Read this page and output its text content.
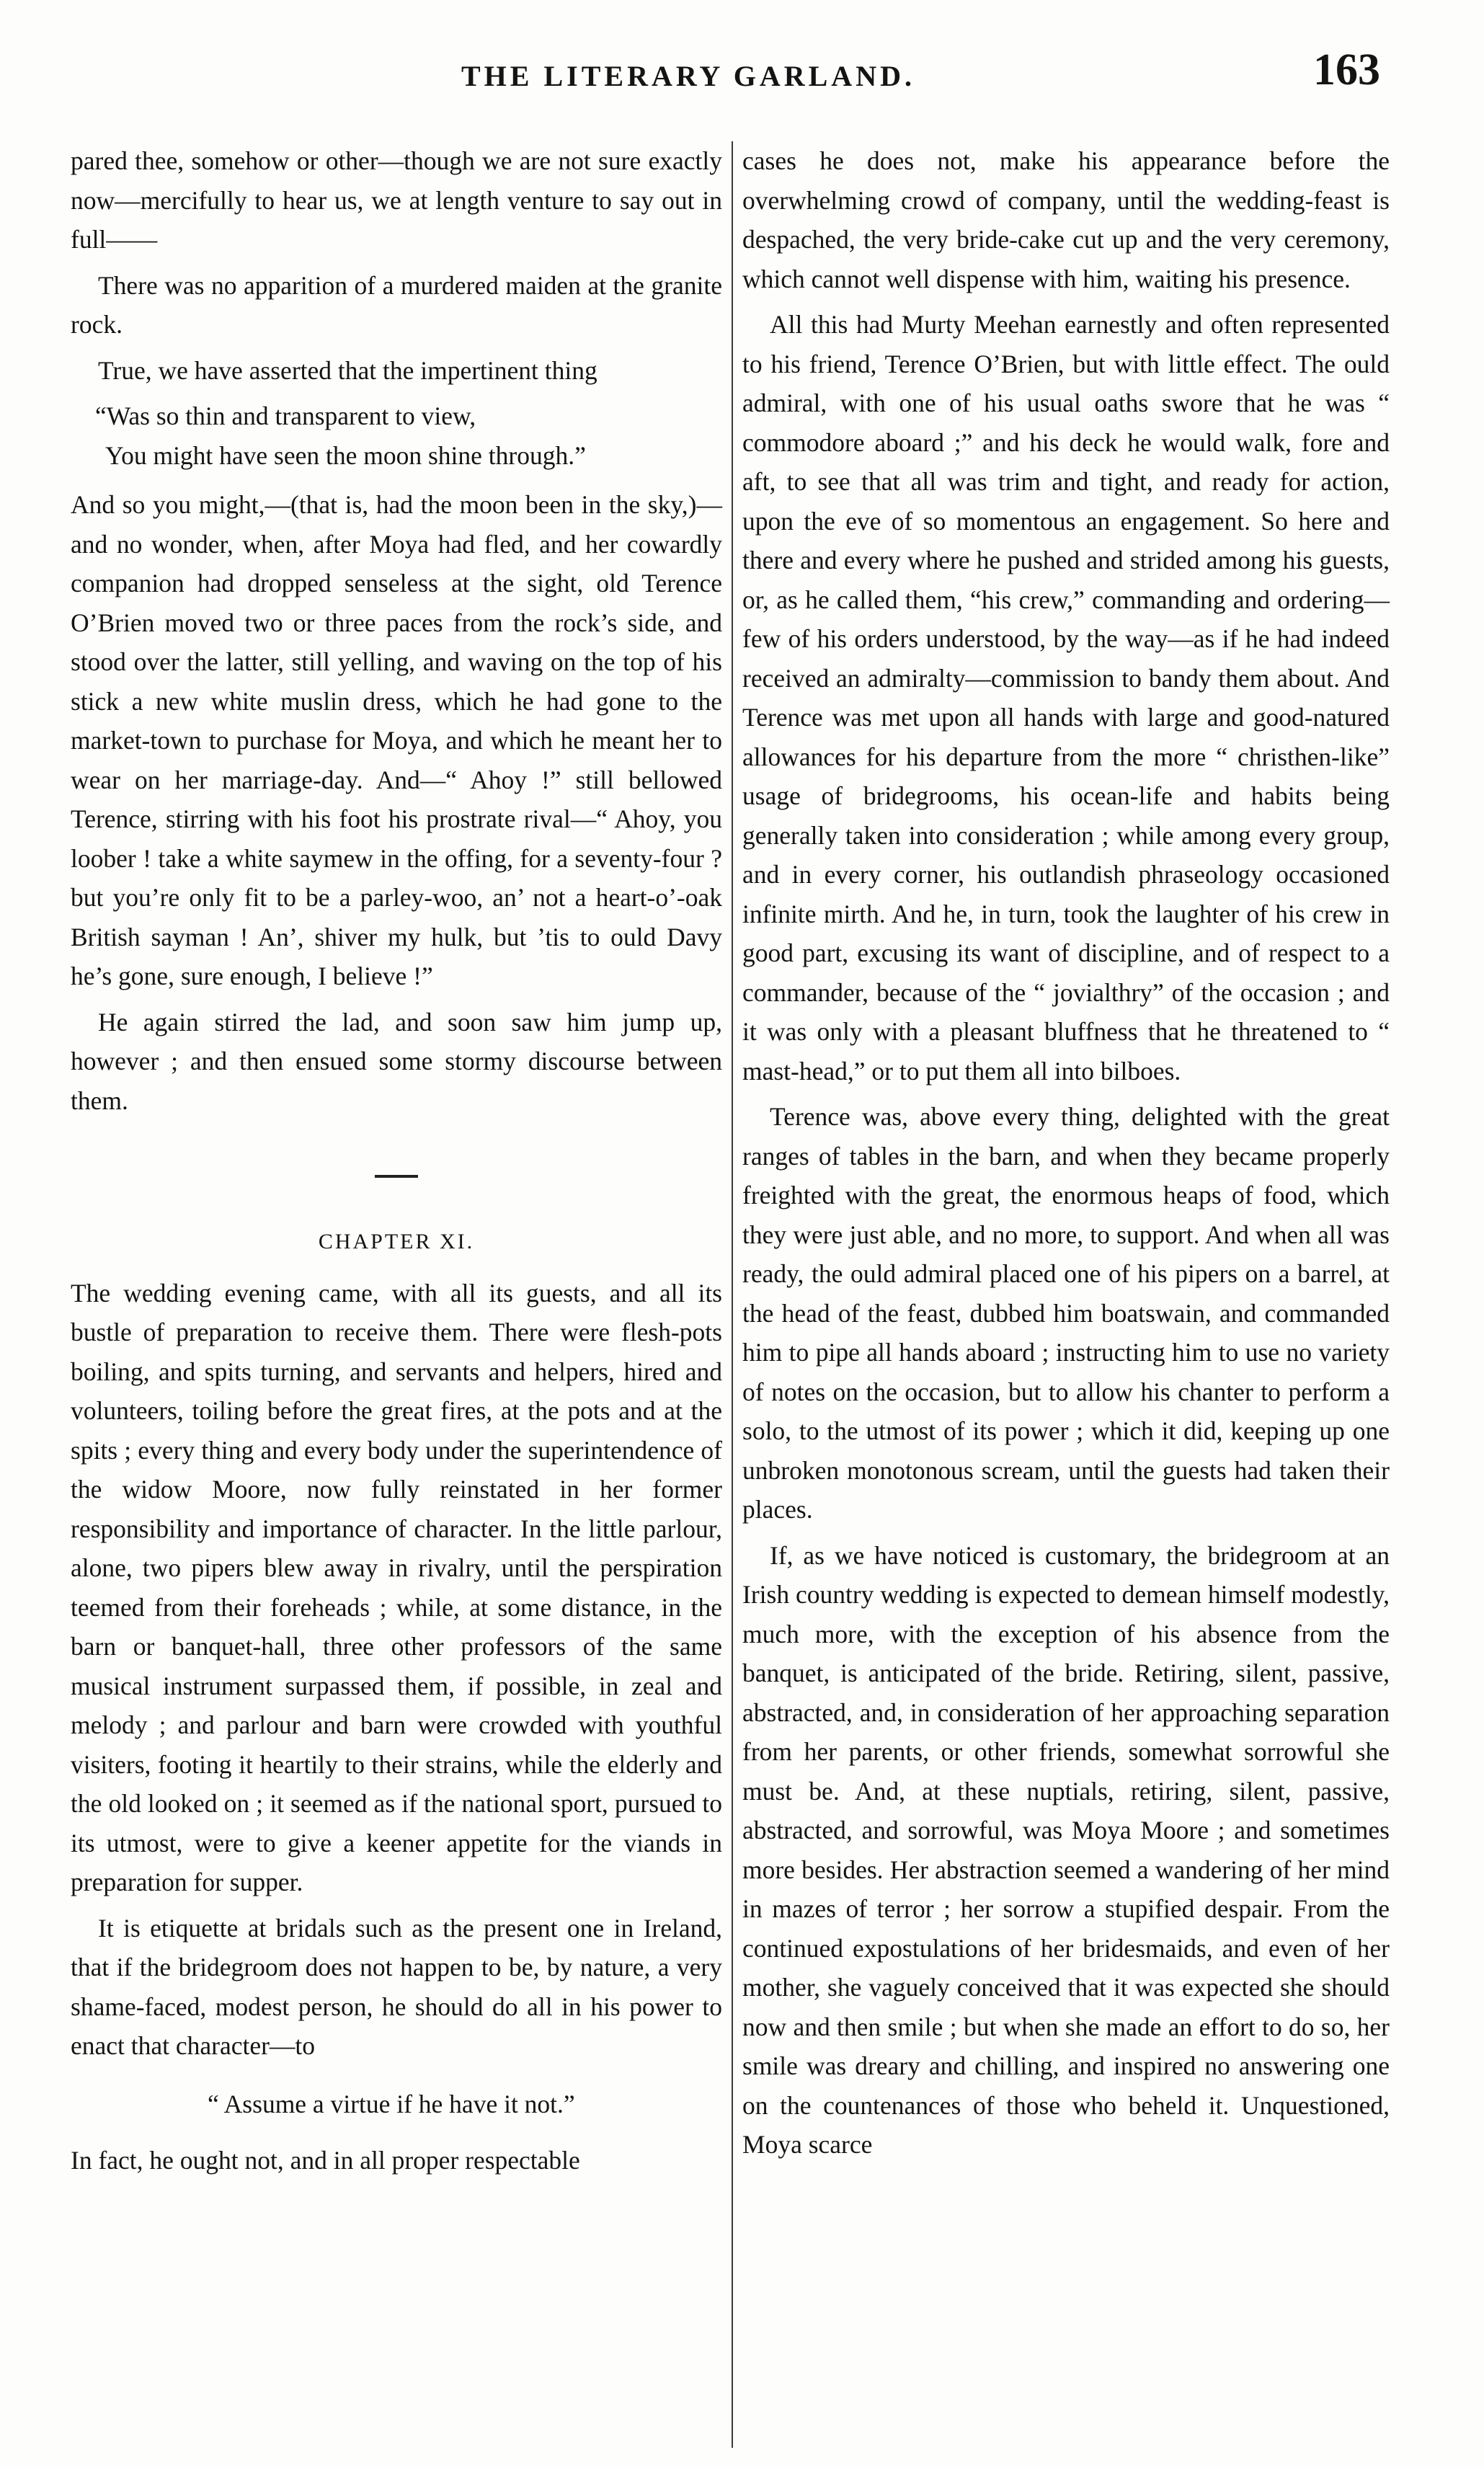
THE LITERARY GARLAND.	163

pared thee, somehow or other—though we are not sure exactly now—mercifully to hear us, we at length venture to say out in full——

There was no apparition of a murdered maiden at the granite rock.

True, we have asserted that the impertinent thing

“Was so thin and transparent to view,

You might have seen the moon shine through.”

And so you might,—(that is, had the moon been in the sky,)—and no wonder, when, after Moya had fled, and her cowardly companion had dropped senseless at the sight, old Terence O’Brien moved two or three paces from the rock’s side, and stood over the latter, still yelling, and waving on the top of his stick a new white muslin dress, which he had gone to the market-town to purchase for Moya, and which he meant her to wear on her marriage-day. And—“ Ahoy !” still bellowed Terence, stirring with his foot his prostrate rival—“ Ahoy, you loober ! take a white saymew in the offing, for a seventy-four ? but you’re only fit to be a parley-woo, an’ not a heart-o’-oak British sayman ! An’, shiver my hulk, but ’tis to ould Davy he’s gone, sure enough, I believe !”

He again stirred the lad, and soon saw him jump up, however ; and then ensued some stormy discourse between them.

CHAPTER XI.

The wedding evening came, with all its guests, and all its bustle of preparation to receive them. There were flesh-pots boiling, and spits turning, and servants and helpers, hired and volunteers, toiling before the great fires, at the pots and at the spits ; every thing and every body under the superintendence of the widow Moore, now fully reinstated in her former responsibility and importance of character. In the little parlour, alone, two pipers blew away in rivalry, until the perspiration teemed from their foreheads ; while, at some distance, in the barn or banquet-hall, three other professors of the same musical instrument surpassed them, if possible, in zeal and melody ; and parlour and barn were crowded with youthful visiters, footing it heartily to their strains, while the elderly and the old looked on ; it seemed as if the national sport, pursued to its utmost, were to give a keener appetite for the viands in preparation for supper.

It is etiquette at bridals such as the present one in Ireland, that if the bridegroom does not happen to be, by nature, a very shame-faced, modest person, he should do all in his power to enact that character—to

“ Assume a virtue if he have it not.”

In fact, he ought not, and in all proper respectable

cases he does not, make his appearance before the overwhelming crowd of company, until the wedding-feast is despached, the very bride-cake cut up and the very ceremony, which cannot well dispense with him, waiting his presence.

All this had Murty Meehan earnestly and often represented to his friend, Terence O’Brien, but with little effect. The ould admiral, with one of his usual oaths swore that he was “ commodore aboard ;” and his deck he would walk, fore and aft, to see that all was trim and tight, and ready for action, upon the eve of so momentous an engagement. So here and there and every where he pushed and strided among his guests, or, as he called them, “his crew,” commanding and ordering—few of his orders understood, by the way—as if he had indeed received an admiralty—commission to bandy them about. And Terence was met upon all hands with large and good-natured allowances for his departure from the more “ christhen-like” usage of bridegrooms, his ocean-life and habits being generally taken into consideration ; while among every group, and in every corner, his outlandish phraseology occasioned infinite mirth. And he, in turn, took the laughter of his crew in good part, excusing its want of discipline, and of respect to a commander, because of the “ jovialthry” of the occasion ; and it was only with a pleasant bluffness that he threatened to “ mast-head,” or to put them all into bilboes.

Terence was, above every thing, delighted with the great ranges of tables in the barn, and when they became properly freighted with the great, the enormous heaps of food, which they were just able, and no more, to support. And when all was ready, the ould admiral placed one of his pipers on a barrel, at the head of the feast, dubbed him boatswain, and commanded him to pipe all hands aboard ; instructing him to use no variety of notes on the occasion, but to allow his chanter to perform a solo, to the utmost of its power ; which it did, keeping up one unbroken monotonous scream, until the guests had taken their places.

If, as we have noticed is customary, the bridegroom at an Irish country wedding is expected to demean himself modestly, much more, with the exception of his absence from the banquet, is anticipated of the bride. Retiring, silent, passive, abstracted, and, in consideration of her approaching separation from her parents, or other friends, somewhat sorrowful she must be. And, at these nuptials, retiring, silent, passive, abstracted, and sorrowful, was Moya Moore ; and sometimes more besides. Her abstraction seemed a wandering of her mind in mazes of terror ; her sorrow a stupified despair. From the continued expostulations of her bridesmaids, and even of her mother, she vaguely conceived that it was expected she should now and then smile ; but when she made an effort to do so, her smile was dreary and chilling, and inspired no answering one on the countenances of those who beheld it. Unquestioned, Moya scarce
